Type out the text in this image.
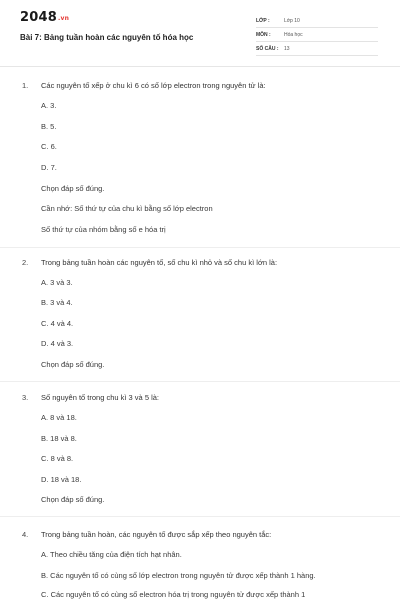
2048.vn
Bài 7: Bảng tuần hoàn các nguyên tố hóa học
LỚP :	Lớp 10
MÔN :	Hóa học
SỐ CÂU : 13
1. Các nguyên tố xếp ở chu kì 6 có số lớp electron trong nguyên tử là:
A. 3.
B. 5.
C. 6.
D. 7.
Chọn đáp số đúng.
Cần nhớ: Số thứ tự của chu kì bằng số lớp electron
Số thứ tự của nhóm bằng số e hóa trị
2. Trong bảng tuần hoàn các nguyên tố, số chu kì nhỏ và số chu kì lớn là:
A. 3 và 3.
B. 3 và 4.
C. 4 và 4.
D. 4 và 3.
Chọn đáp số đúng.
3. Số nguyên tố trong chu kì 3 và 5 là:
A. 8 và 18.
B. 18 và 8.
C. 8 và 8.
D. 18 và 18.
Chọn đáp số đúng.
4. Trong bảng tuần hoàn, các nguyên tố được sắp xếp theo nguyên tắc:
A. Theo chiều tăng của điện tích hạt nhân.
B. Các nguyên tố có cùng số lớp electron trong nguyên tử được xếp thành 1 hàng.
C. Các nguyên tố có cùng số electron hóa trị trong nguyên tử được xếp thành 1
